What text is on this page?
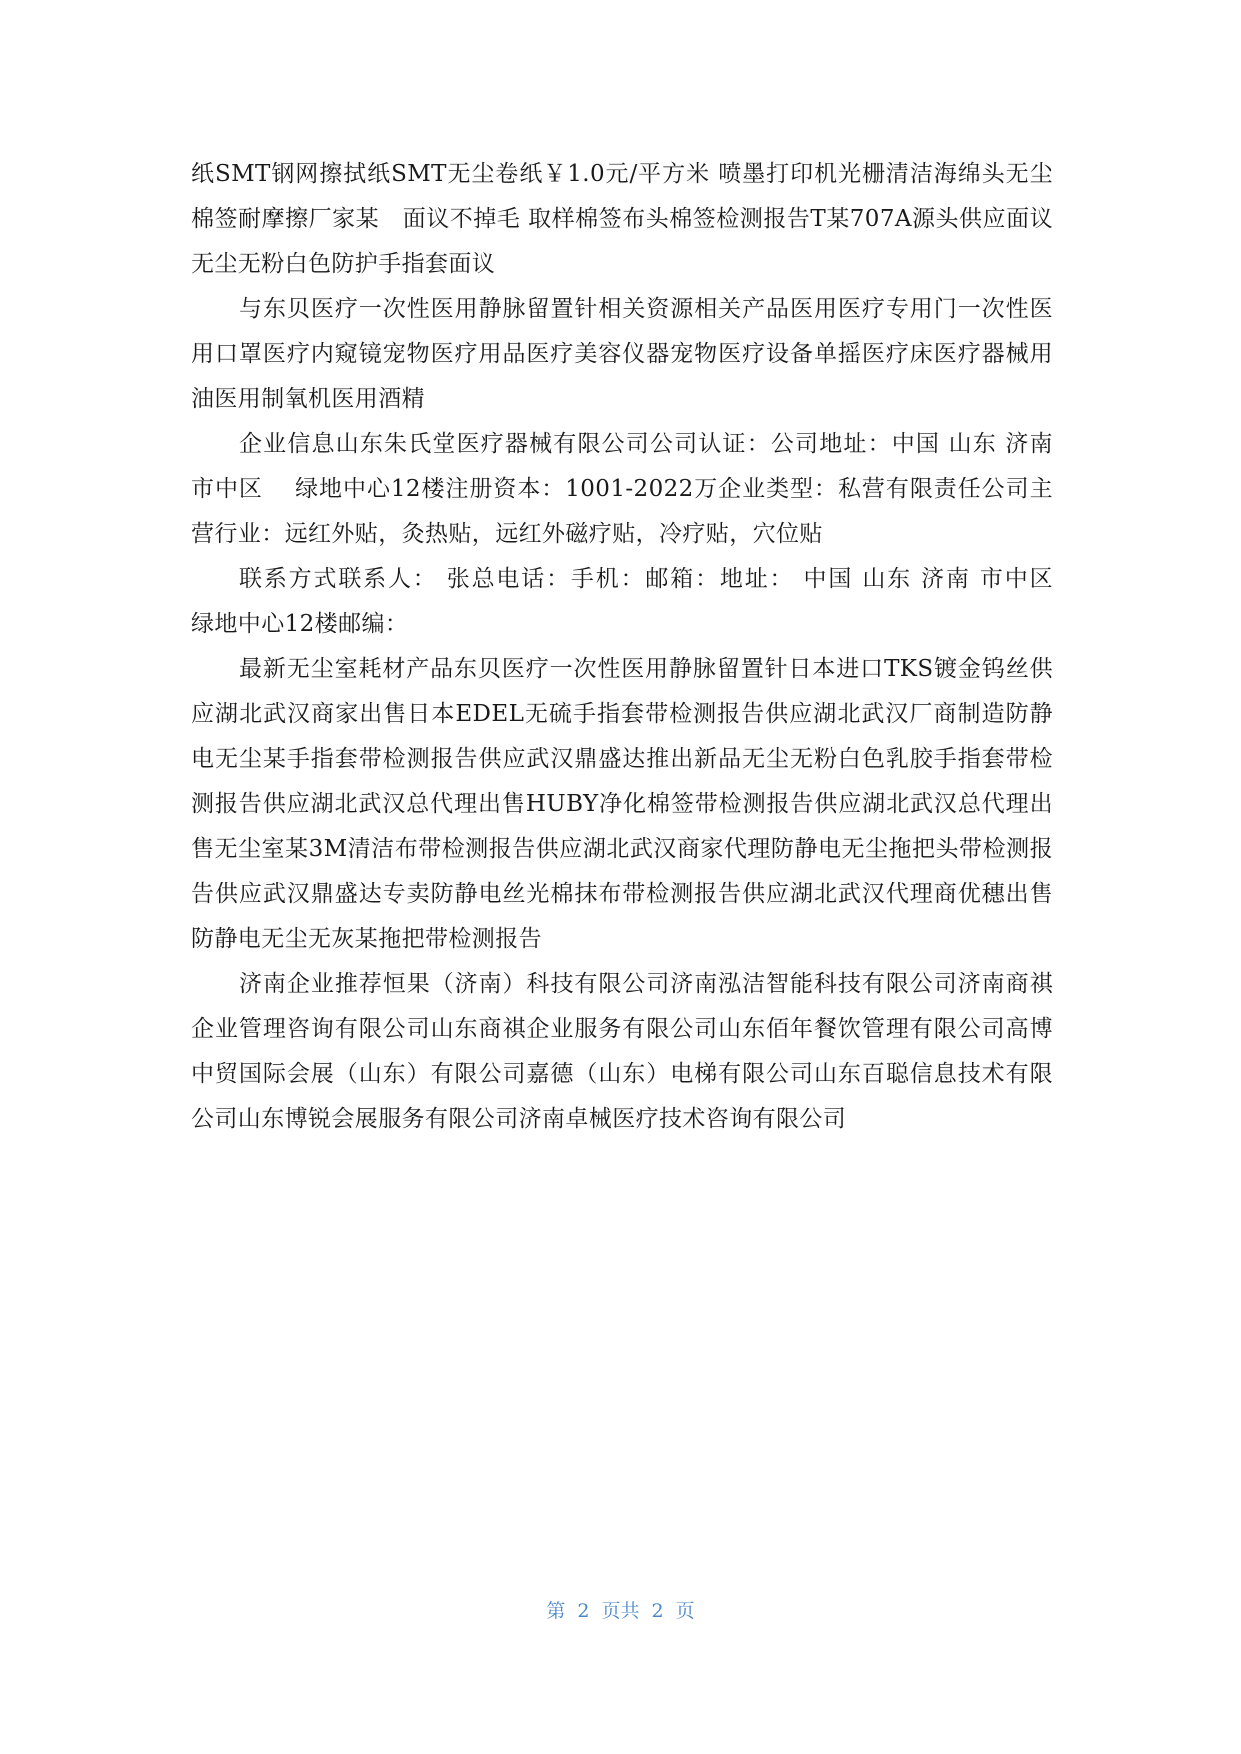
纸SMT钢网擦拭纸SMT无尘卷纸￥1.0元/平方米 喷墨打印机光栅清洁海绵头无尘棉签耐摩擦厂家某　面议不掉毛 取样棉签布头棉签检测报告T某707A源头供应面议无尘无粉白色防护手指套面议

与东贝医疗一次性医用静脉留置针相关资源相关产品医用医疗专用门一次性医用口罩医疗内窥镜宠物医疗用品医疗美容仪器宠物医疗设备单摇医疗床医疗器械用油医用制氧机医用酒精

企业信息山东朱氏堂医疗器械有限公司公司认证：公司地址：中国 山东 济南 市中区　 绿地中心12楼注册资本：1001-2022万企业类型：私营有限责任公司主营行业：远红外贴，灸热贴，远红外磁疗贴，冷疗贴，穴位贴

联系方式联系人： 张总电话：手机：邮箱：地址： 中国 山东 济南 市中区　 绿地中心12楼邮编：

最新无尘室耗材产品东贝医疗一次性医用静脉留置针日本进口TKS镀金钨丝供应湖北武汉商家出售日本EDEL无硫手指套带检测报告供应湖北武汉厂商制造防静电无尘某手指套带检测报告供应武汉鼎盛达推出新品无尘无粉白色乳胶手指套带检测报告供应湖北武汉总代理出售HUBY净化棉签带检测报告供应湖北武汉总代理出售无尘室某3M清洁布带检测报告供应湖北武汉商家代理防静电无尘拖把头带检测报告供应武汉鼎盛达专卖防静电丝光棉抹布带检测报告供应湖北武汉代理商优穗出售防静电无尘无灰某拖把带检测报告

济南企业推荐恒果（济南）科技有限公司济南泓洁智能科技有限公司济南商祺企业管理咨询有限公司山东商祺企业服务有限公司山东佰年餐饮管理有限公司高博中贸国际会展（山东）有限公司嘉德（山东）电梯有限公司山东百聪信息技术有限公司山东博锐会展服务有限公司济南卓械医疗技术咨询有限公司

第 2 页共 2 页
